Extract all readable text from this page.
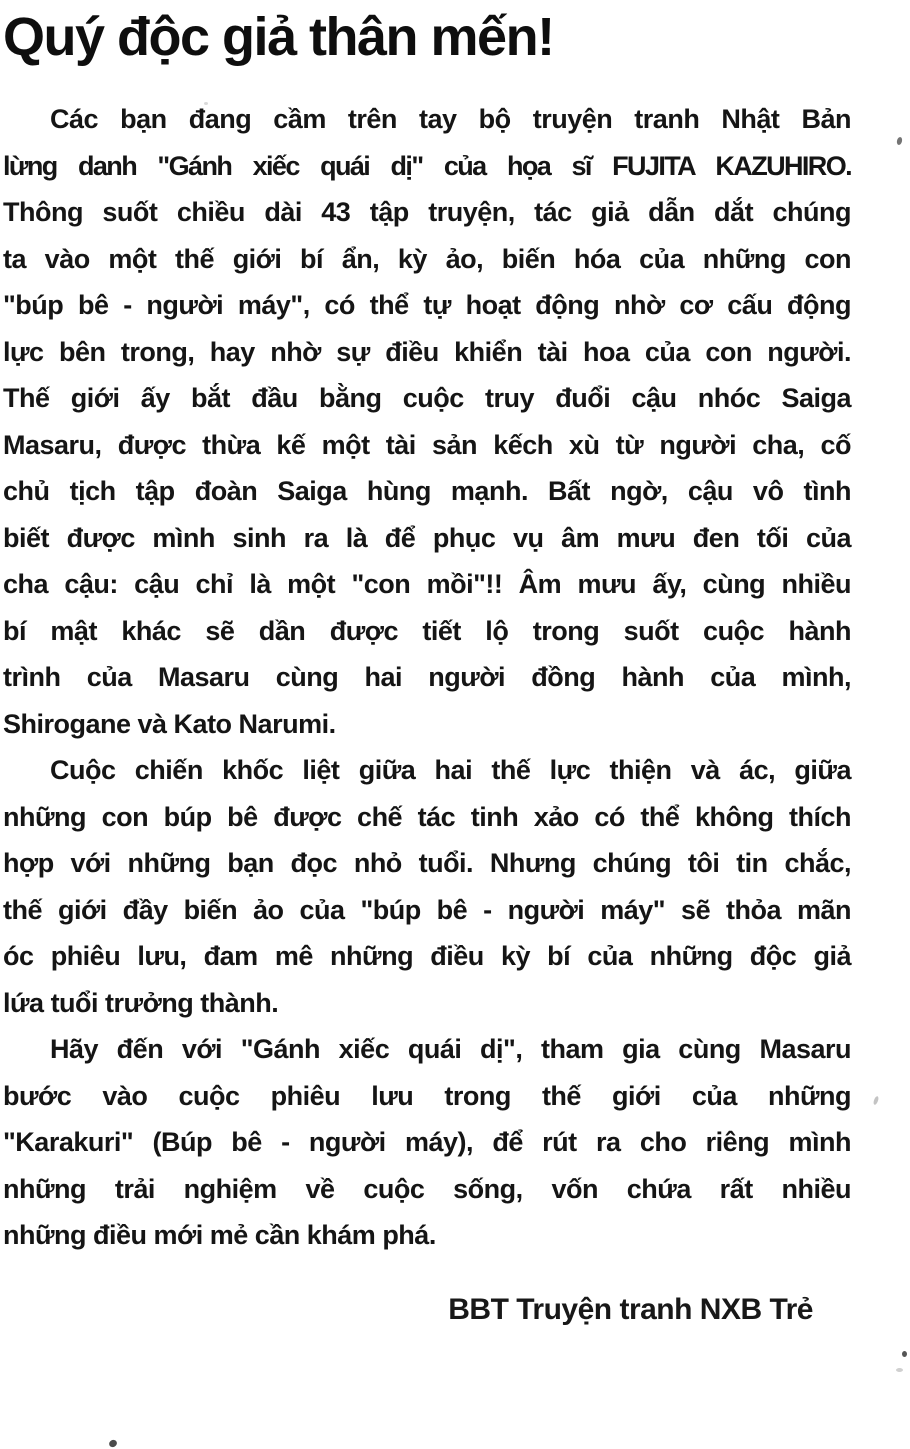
Quý độc giả thân mến!
Các bạn đang cầm trên tay bộ truyện tranh Nhật Bản
lừng danh "Gánh xiếc quái dị" của họa sĩ FUJITA KAZUHIRO.
Thông suốt chiều dài 43 tập truyện, tác giả dẫn dắt chúng
ta vào một thế giới bí ẩn, kỳ ảo, biến hóa của những con
"búp bê - người máy", có thể tự hoạt động nhờ cơ cấu động
lực bên trong, hay nhờ sự điều khiển tài hoa của con người.
Thế giới ấy bắt đầu bằng cuộc truy đuổi cậu nhóc Saiga
Masaru, được thừa kế một tài sản kếch xù từ người cha, cố
chủ tịch tập đoàn Saiga hùng mạnh. Bất ngờ, cậu vô tình
biết được mình sinh ra là để phục vụ âm mưu đen tối của
cha cậu: cậu chỉ là một "con mồi"!! Âm mưu ấy, cùng nhiều
bí mật khác sẽ dần được tiết lộ trong suốt cuộc hành
trình của Masaru cùng hai người đồng hành của mình,
Shirogane và Kato Narumi.
Cuộc chiến khốc liệt giữa hai thế lực thiện và ác, giữa
những con búp bê được chế tác tinh xảo có thể không thích
hợp với những bạn đọc nhỏ tuổi. Nhưng chúng tôi tin chắc,
thế giới đầy biến ảo của "búp bê - người máy" sẽ thỏa mãn
óc phiêu lưu, đam mê những điều kỳ bí của những độc giả
lứa tuổi trưởng thành.
Hãy đến với "Gánh xiếc quái dị", tham gia cùng Masaru
bước vào cuộc phiêu lưu trong thế giới của những
"Karakuri" (Búp bê - người máy), để rút ra cho riêng mình
những trải nghiệm về cuộc sống, vốn chứa rất nhiều
những điều mới mẻ cần khám phá.
BBT Truyện tranh NXB Trẻ
